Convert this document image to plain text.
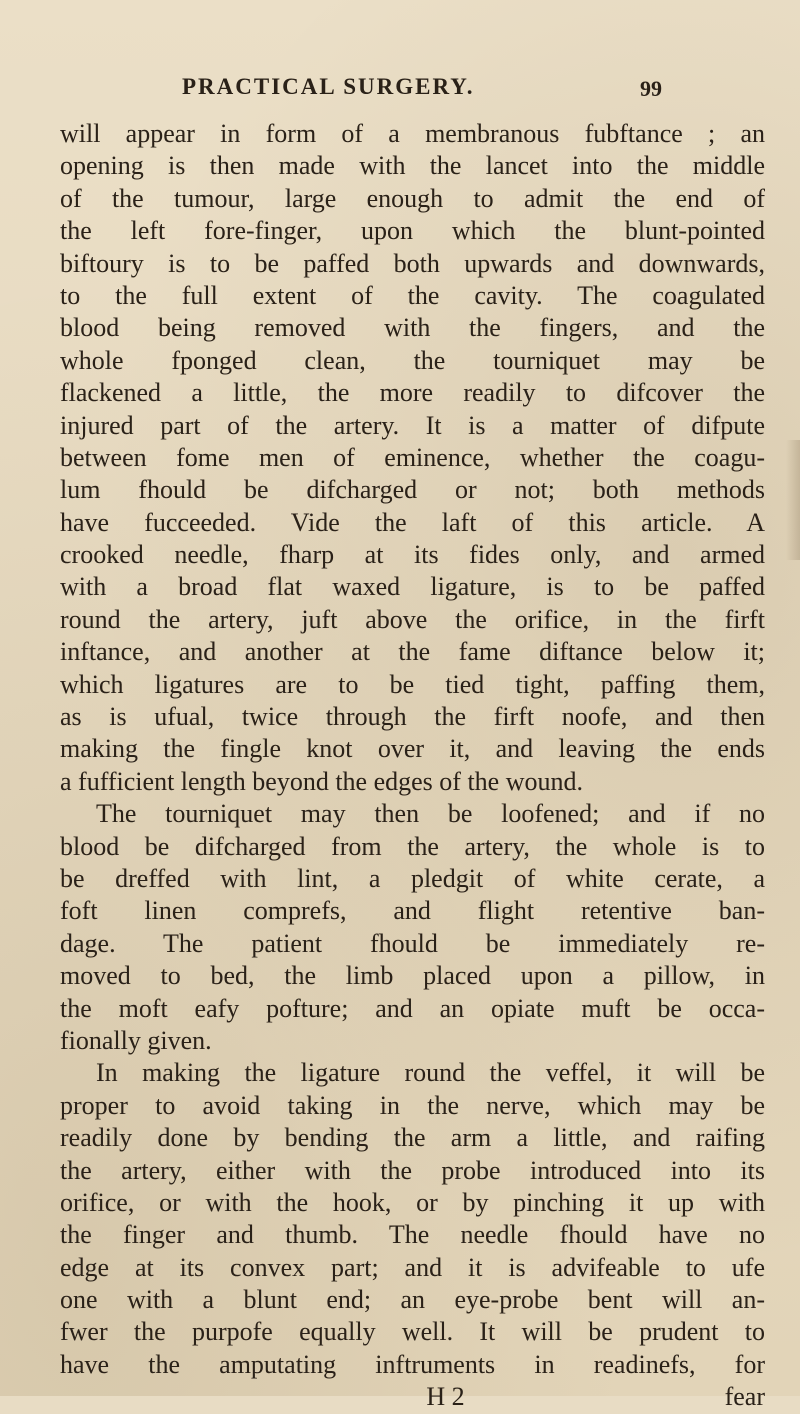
PRACTICAL SURGERY.	99
will appear in form of a membranous fubftance ; an
opening is then made with the lancet into the middle
of the tumour, large enough to admit the end of
the left fore-finger, upon which the blunt-pointed
biftoury is to be paffed both upwards and downwards,
to the full extent of the cavity. The coagulated
blood being removed with the fingers, and the
whole fponged clean, the tourniquet may be
flackened a little, the more readily to difcover the
injured part of the artery. It is a matter of difpute
between fome men of eminence, whether the coagu-
lum fhould be difcharged or not; both methods
have fucceeded. Vide the laft of this article. A
crooked needle, fharp at its fides only, and armed
with a broad flat waxed ligature, is to be paffed
round the artery, juft above the orifice, in the firft
inftance, and another at the fame diftance below it;
which ligatures are to be tied tight, paffing them,
as is ufual, twice through the firft noofe, and then
making the fingle knot over it, and leaving the ends
a fufficient length beyond the edges of the wound.
The tourniquet may then be loofened; and if no
blood be difcharged from the artery, the whole is to
be dreffed with lint, a pledgit of white cerate, a
foft linen comprefs, and flight retentive ban-
dage. The patient fhould be immediately re-
moved to bed, the limb placed upon a pillow, in
the moft eafy pofture; and an opiate muft be occa-
fionally given.
In making the ligature round the veffel, it will be
proper to avoid taking in the nerve, which may be
readily done by bending the arm a little, and raifing
the artery, either with the probe introduced into its
orifice, or with the hook, or by pinching it up with
the finger and thumb. The needle fhould have no
edge at its convex part; and it is advifeable to ufe
one with a blunt end; an eye-probe bent will an-
fwer the purpofe equally well. It will be prudent to
have the amputating inftruments in readinefs, for
H 2	fear
